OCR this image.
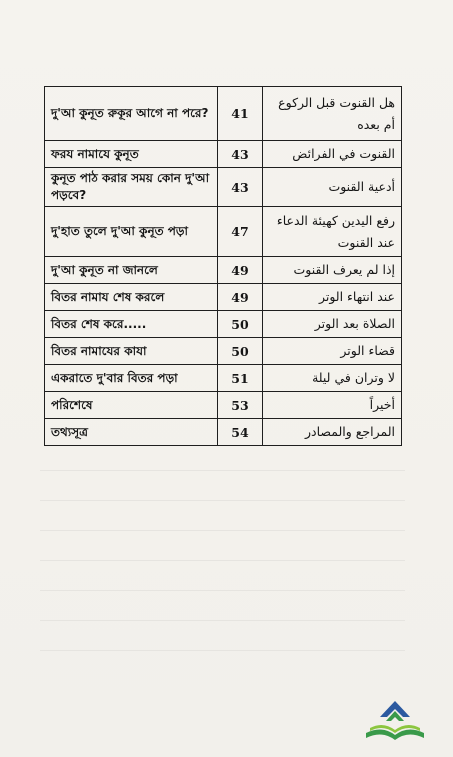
দু'আ কুনূত রুকূর আগে না পরে?	41	هل القنوت قبل الركوع أم بعده
ফরয নামাযে কুনূত	43	القنوت في الفرائض
কুনূত পাঠ করার সময় কোন দু'আ পড়বে?	43	أدعية القنوت
দু'হাত তুলে দু'আ কুনূত পড়া	47	رفع اليدين كهيئة الدعاء عند القنوت
দু'আ কুনূত না জানলে	49	إذا لم يعرف القنوت
বিতর নামায শেষ করলে	49	عند انتهاء الوتر
বিতর শেষ করে.....	50	الصلاة بعد الوتر
বিতর নামাযের কাযা	50	قضاء الوتر
একরাতে দু'বার বিতর পড়া	51	لا وتران في ليلة
পরিশেষে	53	أخيراً
তথ্যসূত্র	54	المراجع والمصادر
